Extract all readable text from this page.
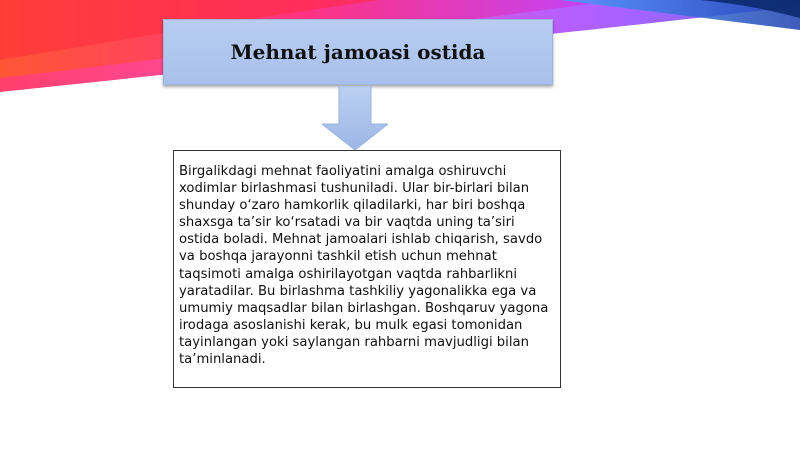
Mehnat jamoasi ostida

Birgalikdagi mehnat faoliyatini amalga oshiruvchi xodimlar birlashmasi tushuniladi. Ular bir-birlari bilan shunday o‘zaro hamkorlik qiladilarki, har biri boshqa shaxsga ta’sir ko‘rsatadi va bir vaqtda uning ta’siri ostida boladi. Mehnat jamoalari ishlab chiqarish, savdo va boshqa jarayonni tashkil etish uchun mehnat taqsimoti amalga oshirilayotgan vaqtda rahbarlikni yaratadilar. Bu birlashma tashkiliy yagonalikka ega va umumiy maqsadlar bilan birlashgan. Boshqaruv yagona irodaga asoslanishi kerak, bu mulk egasi tomonidan tayinlangan yoki saylangan rahbarni mavjudligi bilan ta’minlanadi.
